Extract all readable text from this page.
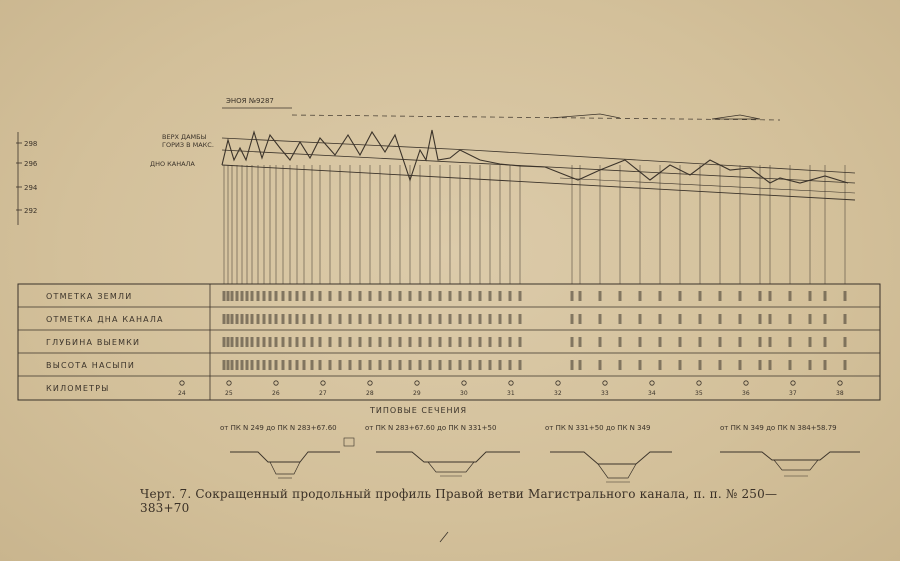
ЭНОЯ №9287
ВЕРХ ДАМБЫ
ГОРИЗ В МАКС.
ДНО КАНАЛА
298
296
294
292
ОТМЕТКА ЗЕМЛИ
ОТМЕТКА ДНА КАНАЛА
ГЛУБИНА ВЫЕМКИ
ВЫСОТА НАСЫПИ
КИЛОМЕТРЫ
24	25	26	27	28	29	30	31	32	33	34	35	36	37	38
ТИПОВЫЕ СЕЧЕНИЯ
от ПК N 249 до ПК N 283+67.60	от ПК N 283+67.60 до ПК N 331+50	от ПК N 331+50 до ПК N 349	от ПК N 349 до ПК N 384+58.79
Черт. 7. Сокращенный продольный профиль Правой ветви Магистрального канала, п. п. № 250—383+70
